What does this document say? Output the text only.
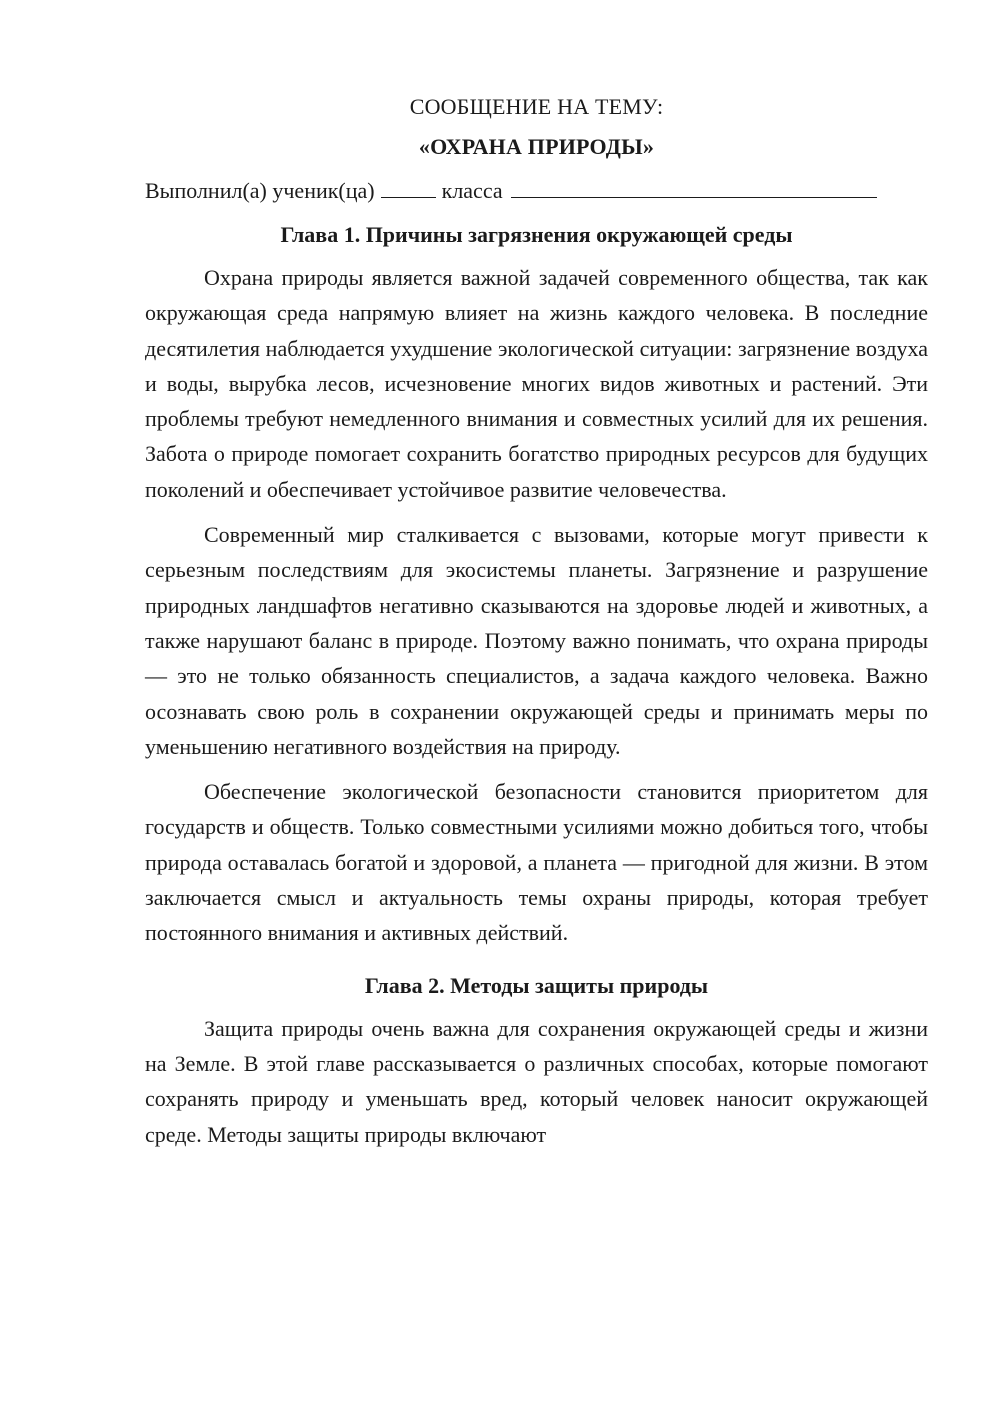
СООБЩЕНИЕ НА ТЕМУ:
«ОХРАНА ПРИРОДЫ»
Выполнил(а) ученик(ца)	класса
Глава 1. Причины загрязнения окружающей среды

Охрана природы является важной задачей современного общества, так как окружающая среда напрямую влияет на жизнь каждого человека. В последние десятилетия наблюдается ухудшение экологической ситуации: загрязнение воздуха и воды, вырубка лесов, исчезновение многих видов животных и растений. Эти проблемы требуют немедленного внимания и совместных усилий для их решения. Забота о природе помогает сохранить богатство природных ресурсов для будущих поколений и обеспечивает устойчивое развитие человечества.

Современный мир сталкивается с вызовами, которые могут привести к серьезным последствиям для экосистемы планеты. Загрязнение и разрушение природных ландшафтов негативно сказываются на здоровье людей и животных, а также нарушают баланс в природе. Поэтому важно понимать, что охрана природы — это не только обязанность специалистов, а задача каждого человека. Важно осознавать свою роль в сохранении окружающей среды и принимать меры по уменьшению негативного воздействия на природу.

Обеспечение экологической безопасности становится приоритетом для государств и обществ. Только совместными усилиями можно добиться того, чтобы природа оставалась богатой и здоровой, а планета — пригодной для жизни. В этом заключается смысл и актуальность темы охраны природы, которая требует постоянного внимания и активных действий.

Глава 2. Методы защиты природы

Защита природы очень важна для сохранения окружающей среды и жизни на Земле. В этой главе рассказывается о различных способах, которые помогают сохранять природу и уменьшать вред, который человек наносит окружающей среде. Методы защиты природы включают
